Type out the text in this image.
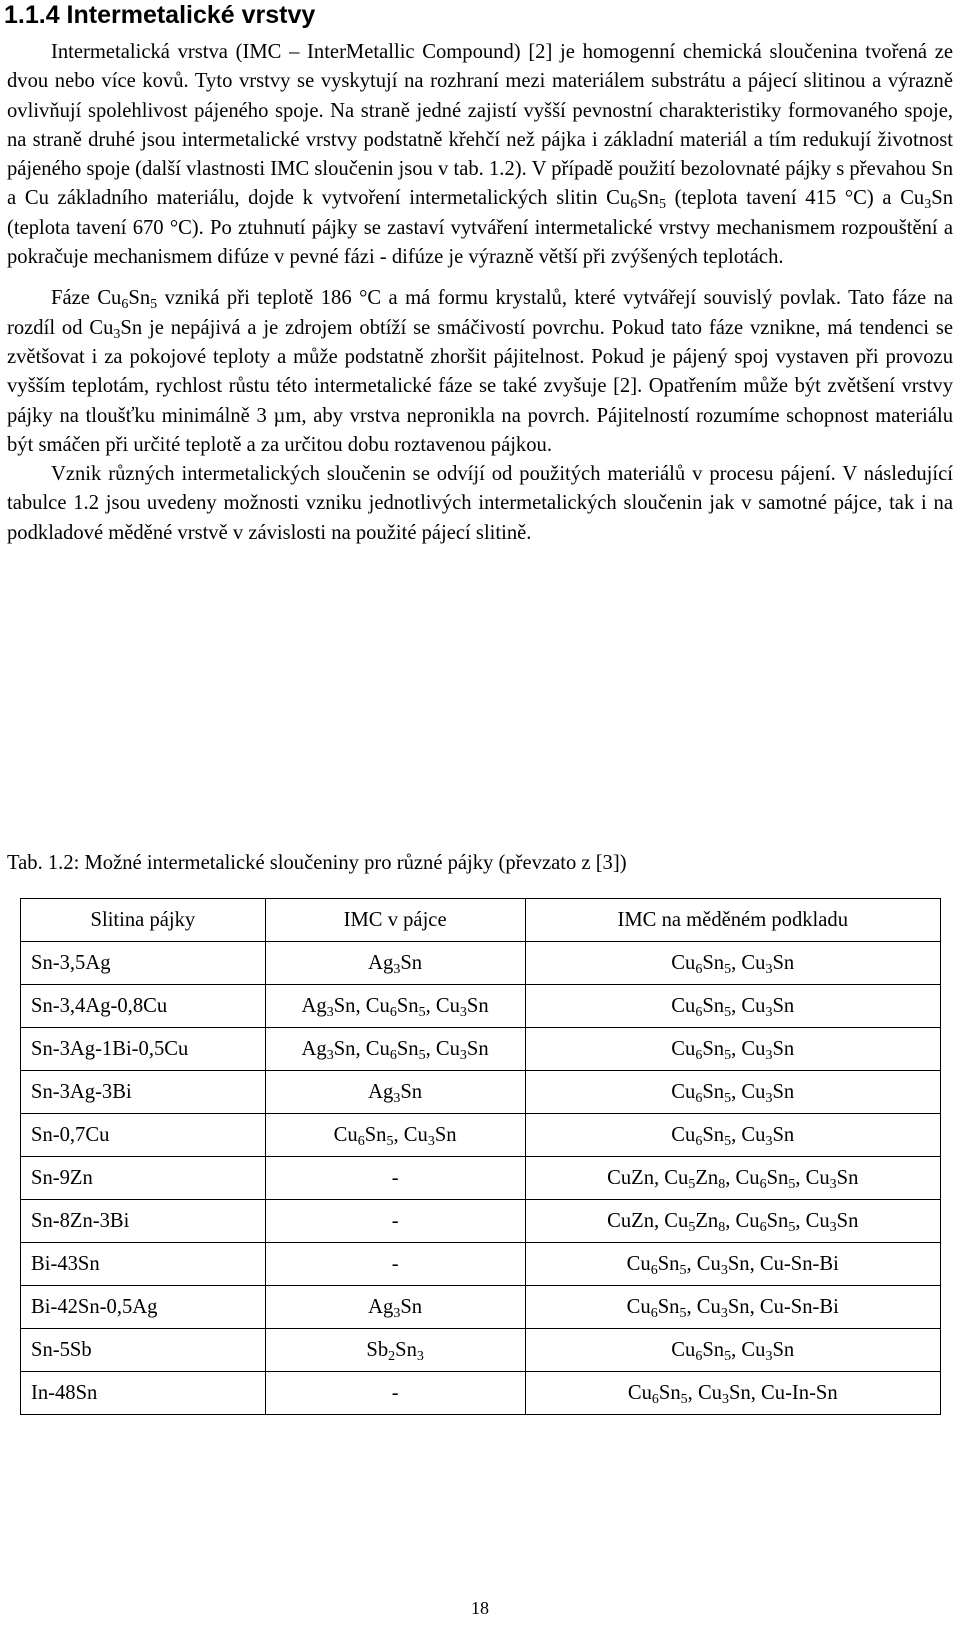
1.1.4 Intermetalické vrstvy

Intermetalická vrstva (IMC – InterMetallic Compound) [2] je homogenní chemická sloučenina tvořená ze dvou nebo více kovů. Tyto vrstvy se vyskytují na rozhraní mezi materiálem substrátu a pájecí slitinou a výrazně ovlivňují spolehlivost pájeného spoje. Na straně jedné zajistí vyšší pevnostní charakteristiky formovaného spoje, na straně druhé jsou intermetalické vrstvy podstatně křehčí než pájka i základní materiál a tím redukují životnost pájeného spoje (další vlastnosti IMC sloučenin jsou v tab. 1.2). V případě použití bezolovnaté pájky s převahou Sn a Cu základního materiálu, dojde k vytvoření intermetalických slitin $Cu_6Sn_5$ (teplota tavení 415 °C) a $Cu_3Sn$ (teplota tavení 670 °C). Po ztuhnutí pájky se zastaví vytváření intermetalické vrstvy mechanismem rozpouštění a pokračuje mechanismem difúze v pevné fázi - difúze je výrazně větší při zvýšených teplotách.

Fáze $Cu_6Sn_5$ vzniká při teplotě 186 °C a má formu krystalů, které vytvářejí souvislý povlak. Tato fáze na rozdíl od $Cu_3Sn$ je nepájivá a je zdrojem obtíží se smáčivostí povrchu. Pokud tato fáze vznikne, má tendenci se zvětšovat i za pokojové teploty a může podstatně zhoršit pájitelnost. Pokud je pájený spoj vystaven při provozu vyšším teplotám, rychlost růstu této intermetalické fáze se také zvyšuje [2]. Opatřením může být zvětšení vrstvy pájky na tloušťku minimálně 3 µm, aby vrstva nepronikla na povrch. Pájitelností rozumíme schopnost materiálu být smáčen při určité teplotě a za určitou dobu roztavenou pájkou.

Vznik různých intermetalických sloučenin se odvíjí od použitých materiálů v procesu pájení. V následující tabulce 1.2 jsou uvedeny možnosti vzniku jednotlivých intermetalických sloučenin jak v samotné pájce, tak i na podkladové měděné vrstvě v závislosti na použité pájecí slitině.

Tab. 1.2: Možné intermetalické sloučeniny pro různé pájky (převzato z [3])

Slitina pájky	IMC v pájce	IMC na měděném podkladu
Sn-3,5Ag	$Ag_3Sn$	$Cu_6Sn_5$, $Cu_3Sn$
Sn-3,4Ag-0,8Cu	$Ag_3Sn$, $Cu_6Sn_5$, $Cu_3Sn$	$Cu_6Sn_5$, $Cu_3Sn$
Sn-3Ag-1Bi-0,5Cu	$Ag_3Sn$, $Cu_6Sn_5$, $Cu_3Sn$	$Cu_6Sn_5$, $Cu_3Sn$
Sn-3Ag-3Bi	$Ag_3Sn$	$Cu_6Sn_5$, $Cu_3Sn$
Sn-0,7Cu	$Cu_6Sn_5$, $Cu_3Sn$	$Cu_6Sn_5$, $Cu_3Sn$
Sn-9Zn	-	CuZn, $Cu_5Zn_8$, $Cu_6Sn_5$, $Cu_3Sn$
Sn-8Zn-3Bi	-	CuZn, $Cu_5Zn_8$, $Cu_6Sn_5$, $Cu_3Sn$
Bi-43Sn	-	$Cu_6Sn_5$, $Cu_3Sn$, Cu-Sn-Bi
Bi-42Sn-0,5Ag	$Ag_3Sn$	$Cu_6Sn_5$, $Cu_3Sn$, Cu-Sn-Bi
Sn-5Sb	$Sb_2Sn_3$	$Cu_6Sn_5$, $Cu_3Sn$
In-48Sn	-	$Cu_6Sn_5$, $Cu_3Sn$, Cu-In-Sn

18
